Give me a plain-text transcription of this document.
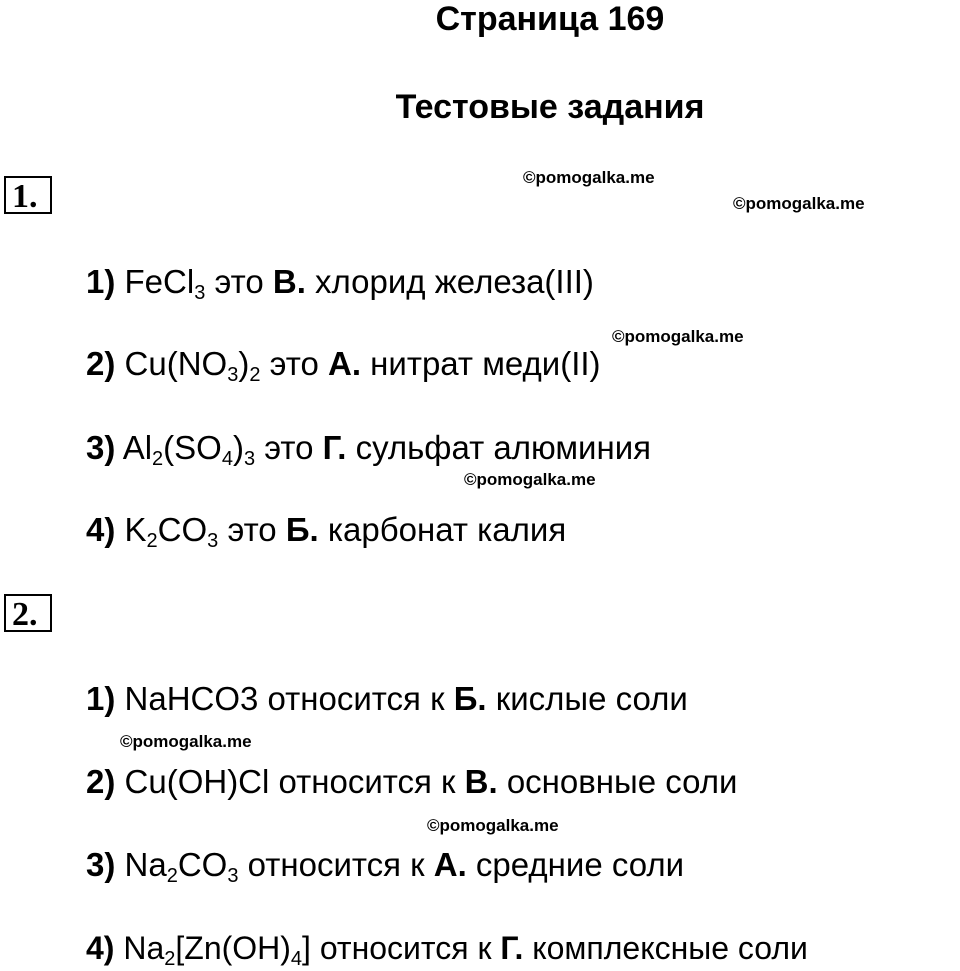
Страница 169
Тестовые задания
©pomogalka.me
©pomogalka.me
©pomogalka.me
©pomogalka.me
©pomogalka.me
©pomogalka.me
1.
1) FeCl$_3$ это В. хлорид железа(III)
2) $Cu(NO_3)_2$ это А. нитрат меди(II)
3) $Al_2(SO_4)_3$ это Г. сульфат алюминия
4) $K_2CO_3$ это Б. карбонат калия
2.
1) NaHCO3 относится к Б. кислые соли
2) Cu(OH)Cl относится к В. основные соли
3) $Na_2CO_3$ относится к А. средние соли
4) $Na_2[Zn(OH)_4]$ относится к Г. комплексные соли
